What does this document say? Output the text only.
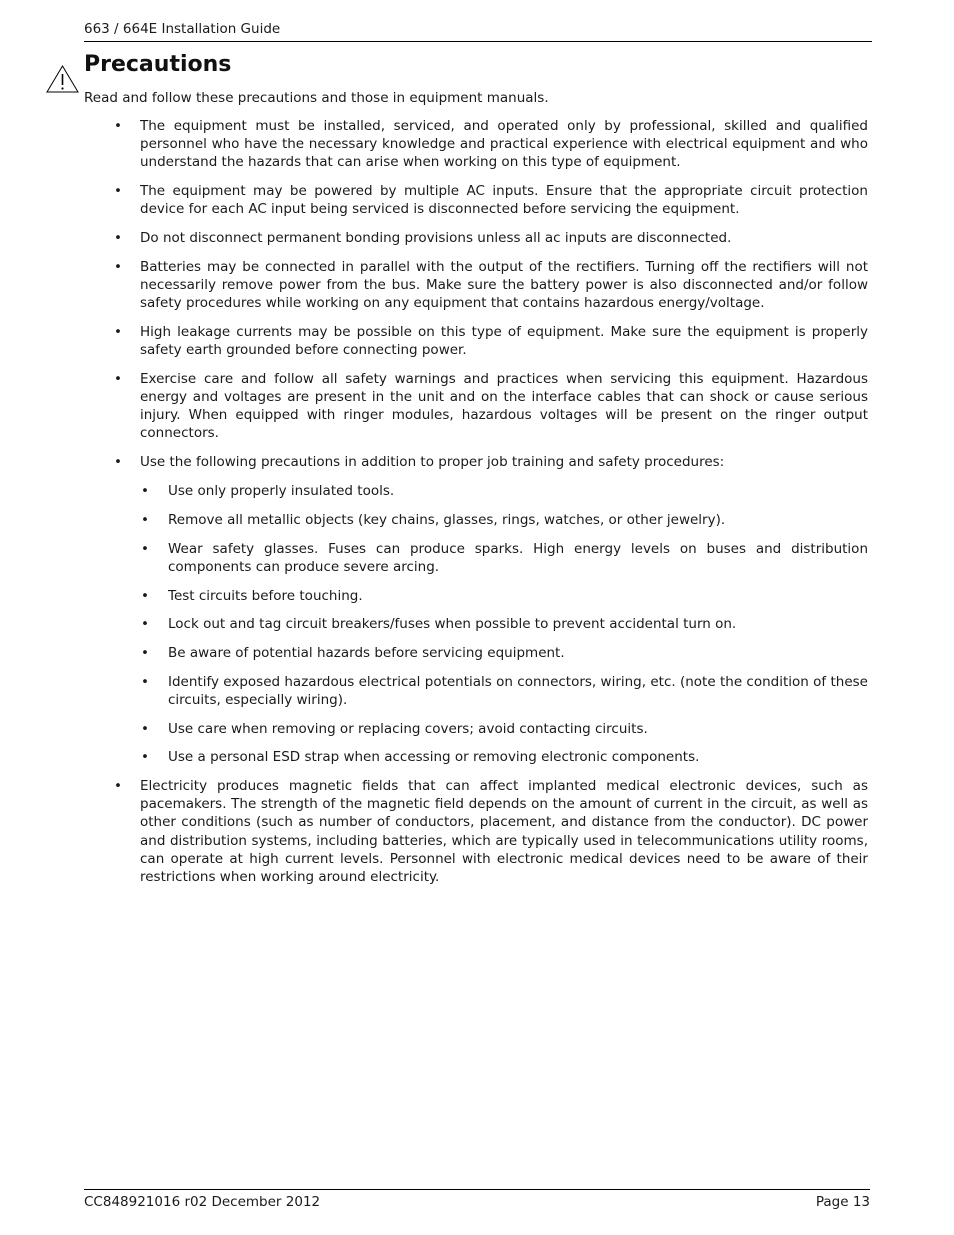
663 / 664E Installation Guide
Precautions

Read and follow these precautions and those in equipment manuals.

• The equipment must be installed, serviced, and operated only by professional, skilled and qualified personnel who have the necessary knowledge and practical experience with electrical equipment and who understand the hazards that can arise when working on this type of equipment.
• The equipment may be powered by multiple AC inputs. Ensure that the appropriate circuit protection device for each AC input being serviced is disconnected before servicing the equipment.
• Do not disconnect permanent bonding provisions unless all ac inputs are disconnected.
• Batteries may be connected in parallel with the output of the rectifiers. Turning off the rectifiers will not necessarily remove power from the bus. Make sure the battery power is also disconnected and/or follow safety procedures while working on any equipment that contains hazardous energy/voltage.
• High leakage currents may be possible on this type of equipment. Make sure the equipment is properly safety earth grounded before connecting power.
• Exercise care and follow all safety warnings and practices when servicing this equipment. Hazardous energy and voltages are present in the unit and on the interface cables that can shock or cause serious injury. When equipped with ringer modules, hazardous voltages will be present on the ringer output connectors.
• Use the following precautions in addition to proper job training and safety procedures:
• Use only properly insulated tools.
• Remove all metallic objects (key chains, glasses, rings, watches, or other jewelry).
• Wear safety glasses. Fuses can produce sparks. High energy levels on buses and distribution components can produce severe arcing.
• Test circuits before touching.
• Lock out and tag circuit breakers/fuses when possible to prevent accidental turn on.
• Be aware of potential hazards before servicing equipment.
• Identify exposed hazardous electrical potentials on connectors, wiring, etc. (note the condition of these circuits, especially wiring).
• Use care when removing or replacing covers; avoid contacting circuits.
• Use a personal ESD strap when accessing or removing electronic components.
• Electricity produces magnetic fields that can affect implanted medical electronic devices, such as pacemakers. The strength of the magnetic field depends on the amount of current in the circuit, as well as other conditions (such as number of conductors, placement, and distance from the conductor). DC power and distribution systems, including batteries, which are typically used in telecommunications utility rooms, can operate at high current levels. Personnel with electronic medical devices need to be aware of their restrictions when working around electricity.
CC848921016 r02 December 2012	Page 13
